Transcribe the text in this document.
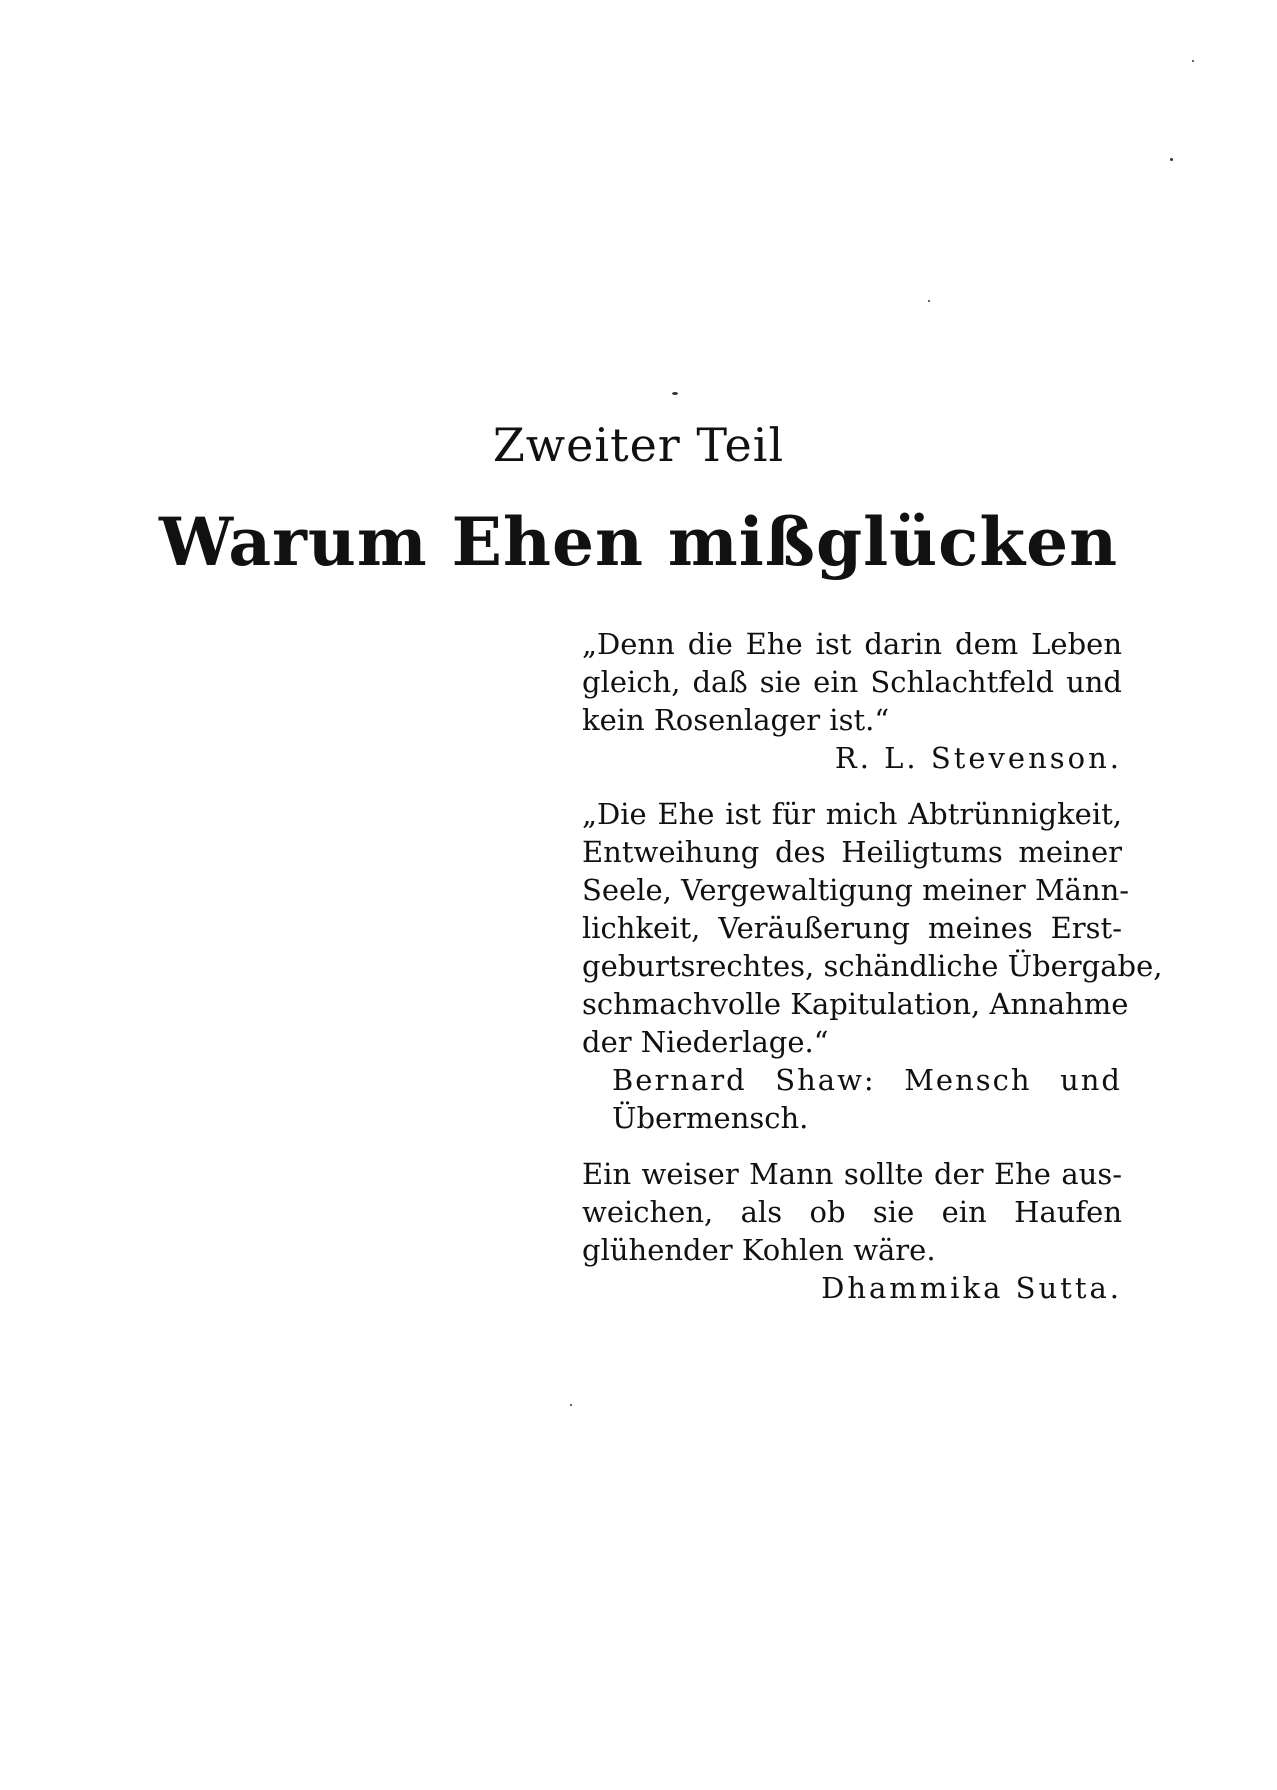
Zweiter Teil
Warum Ehen mißglücken
„Denn die Ehe ist darin dem Leben
gleich, daß sie ein Schlachtfeld und
kein Rosenlager ist.“
R. L. Stevenson.
„Die Ehe ist für mich Abtrünnigkeit,
Entweihung des Heiligtums meiner
Seele, Vergewaltigung meiner Männ-
lichkeit, Veräußerung meines Erst-
geburtsrechtes, schändliche Übergabe,
schmachvolle Kapitulation, Annahme
der Niederlage.“
Bernard Shaw: Mensch und
Übermensch.
Ein weiser Mann sollte der Ehe aus-
weichen, als ob sie ein Haufen
glühender Kohlen wäre.
Dhammika Sutta.
